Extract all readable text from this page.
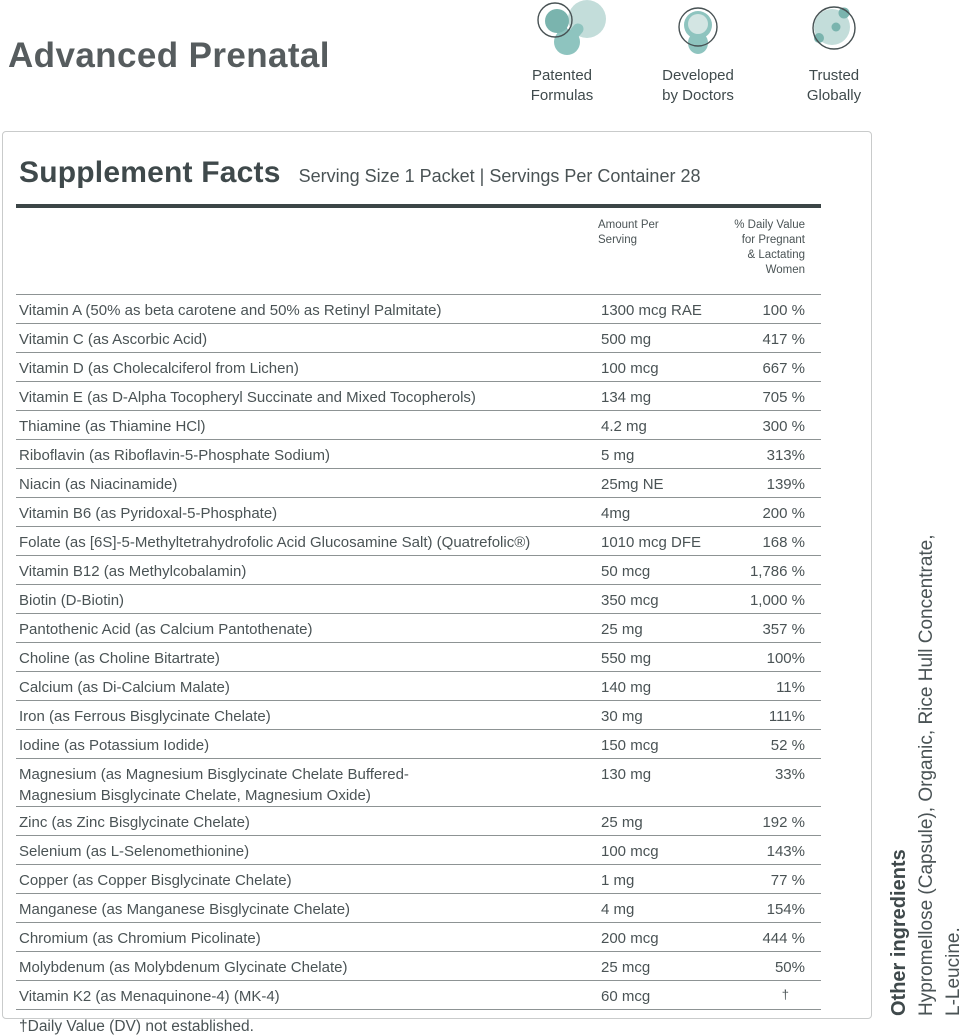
Advanced Prenatal
Patented
Formulas
Developed
by Doctors
Trusted
Globally
Supplement Facts Serving Size 1 Packet | Servings Per Container 28
Amount Per
Serving
% Daily Value for Pregnant
& Lactating Women
Vitamin A (50% as beta carotene and 50% as Retinyl Palmitate)	1300 mcg RAE	100 %
Vitamin C (as Ascorbic Acid)	500 mg	417 %
Vitamin D (as Cholecalciferol from Lichen)	100 mcg	667 %
Vitamin E (as D-Alpha Tocopheryl Succinate and Mixed Tocopherols)	134 mg	705 %
Thiamine (as Thiamine HCl)	4.2 mg	300 %
Riboflavin (as Riboflavin-5-Phosphate Sodium)	5 mg	313%
Niacin (as Niacinamide)	25mg NE	139%
Vitamin B6 (as Pyridoxal-5-Phosphate)	4mg	200 %
Folate (as [6S]-5-Methyltetrahydrofolic Acid Glucosamine Salt) (Quatrefolic®)	1010 mcg DFE	168 %
Vitamin B12 (as Methylcobalamin)	50 mcg	1,786 %
Biotin (D-Biotin)	350 mcg	1,000 %
Pantothenic Acid (as Calcium Pantothenate)	25 mg	357 %
Choline (as Choline Bitartrate)	550 mg	100%
Calcium (as Di-Calcium Malate)	140 mg	11%
Iron (as Ferrous Bisglycinate Chelate)	30 mg	111%
Iodine (as Potassium Iodide)	150 mcg	52 %
Magnesium (as Magnesium Bisglycinate Chelate Buffered-
Magnesium Bisglycinate Chelate, Magnesium Oxide)
130 mg	33%
Zinc (as Zinc Bisglycinate Chelate)	25 mg	192 %
Selenium (as L-Selenomethionine)	100 mcg	143%
Copper (as Copper Bisglycinate Chelate)	1 mg	77 %
Manganese (as Manganese Bisglycinate Chelate)	4 mg	154%
Chromium (as Chromium Picolinate)	200 mcg	444 %
Molybdenum (as Molybdenum Glycinate Chelate)	25 mcg	50%
Vitamin K2 (as Menaquinone-4) (MK-4)	60 mcg	†
†Daily Value (DV) not established.
Other ingredients Hypromellose (Capsule), Organic, Rice Hull Concentrate, L-Leucine.
